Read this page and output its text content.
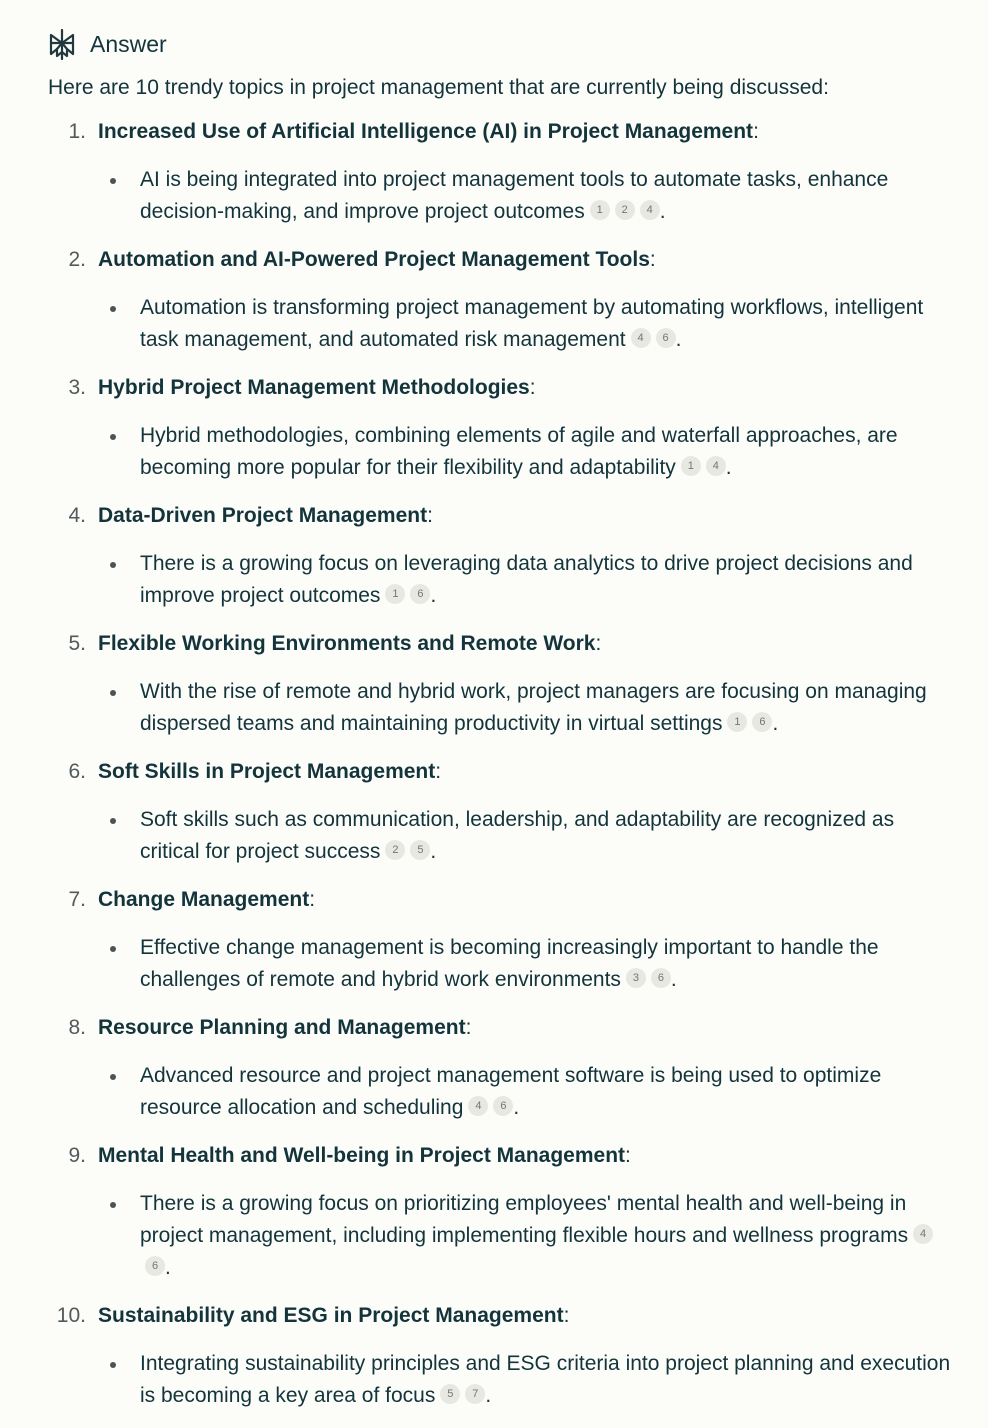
Answer

Here are 10 trendy topics in project management that are currently being discussed:

1. Increased Use of Artificial Intelligence (AI) in Project Management:

AI is being integrated into project management tools to automate tasks, enhance decision-making, and improve project outcomes 1 2 4 .

2. Automation and AI-Powered Project Management Tools:

Automation is transforming project management by automating workflows, intelligent task management, and automated risk management 4 6 .

3. Hybrid Project Management Methodologies:

Hybrid methodologies, combining elements of agile and waterfall approaches, are becoming more popular for their flexibility and adaptability 1 4 .

4. Data-Driven Project Management:

There is a growing focus on leveraging data analytics to drive project decisions and improve project outcomes 1 6 .

5. Flexible Working Environments and Remote Work:

With the rise of remote and hybrid work, project managers are focusing on managing dispersed teams and maintaining productivity in virtual settings 1 6 .

6. Soft Skills in Project Management:

Soft skills such as communication, leadership, and adaptability are recognized as critical for project success 2 5 .

7. Change Management:

Effective change management is becoming increasingly important to handle the challenges of remote and hybrid work environments 3 6 .

8. Resource Planning and Management:

Advanced resource and project management software is being used to optimize resource allocation and scheduling 4 6 .

9. Mental Health and Well-being in Project Management:

There is a growing focus on prioritizing employees' mental health and well-being in project management, including implementing flexible hours and wellness programs 46 .

10. Sustainability and ESG in Project Management:

Integrating sustainability principles and ESG criteria into project planning and execution is becoming a key area of focus 5 7 .
